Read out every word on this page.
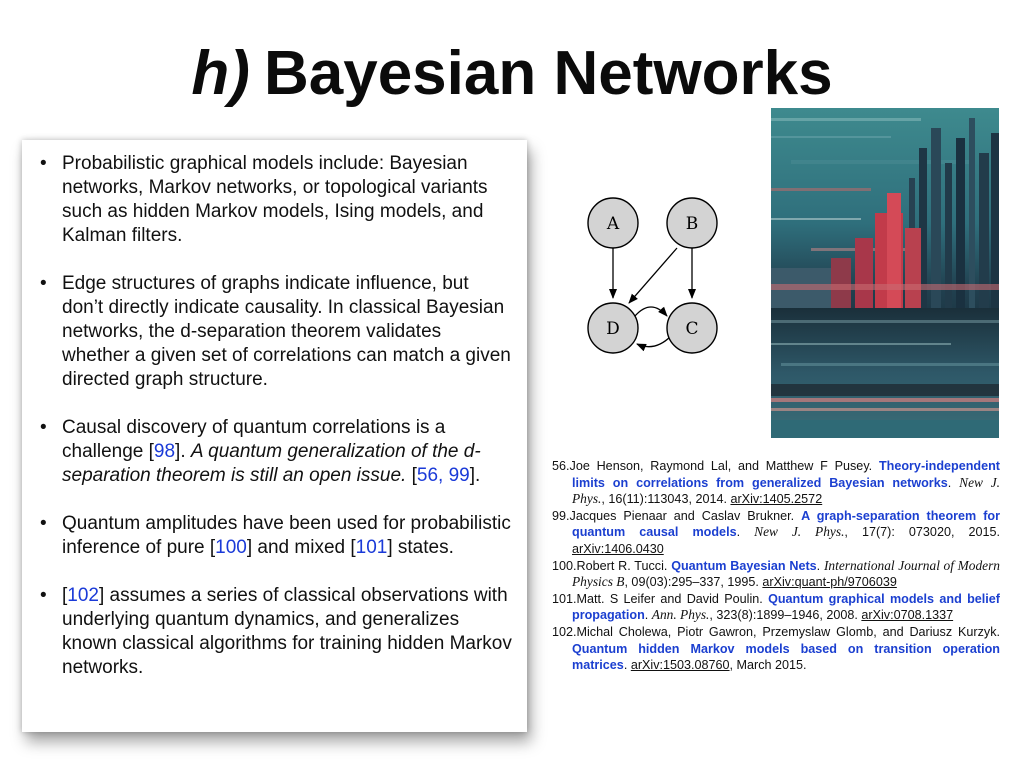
h) Bayesian Networks
• Probabilistic graphical models include: Bayesian networks, Markov networks, or topological variants such as hidden Markov models, Ising models, and Kalman filters.
• Edge structures of graphs indicate influence, but don’t directly indicate causality. In classical Bayesian networks, the d-separation theorem validates whether a given set of correlations can match a given directed graph structure.
• Causal discovery of quantum correlations is a challenge [98]. A quantum generalization of the d-separation theorem is still an open issue. [56, 99].
• Quantum amplitudes have been used for probabilistic inference of pure [100] and mixed [101] states.
• [102] assumes a series of classical observations with underlying quantum dynamics, and generalizes known classical algorithms for training hidden Markov networks.
A	B
D	C
56.Joe Henson, Raymond Lal, and Matthew F Pusey. Theory-independent limits on correlations from generalized Bayesian networks. New J. Phys., 16(11):113043, 2014. arXiv:1405.2572
99.Jacques Pienaar and Caslav Brukner. A graph-separation theorem for quantum causal models. New J. Phys., 17(7): 073020, 2015. arXiv:1406.0430
100.Robert R. Tucci. Quantum Bayesian Nets. International Journal of Modern Physics B, 09(03):295–337, 1995. arXiv:quant-ph/9706039
101.Matt. S Leifer and David Poulin. Quantum graphical models and belief propagation. Ann. Phys., 323(8):1899–1946, 2008. arXiv:0708.1337
102.Michal Cholewa, Piotr Gawron, Przemyslaw Glomb, and Dariusz Kurzyk. Quantum hidden Markov models based on transition operation matrices. arXiv:1503.08760, March 2015.
